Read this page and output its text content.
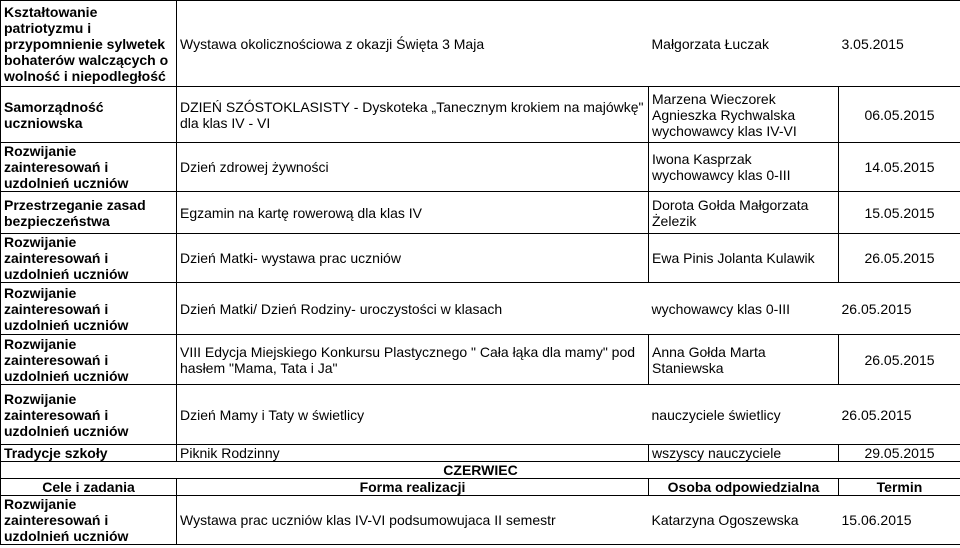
Kształtowanie patriotyzmu i przypomnienie sylwetek bohaterów walczących o wolność i niepodległość	Wystawa okolicznościowa z okazji Święta 3 Maja	Małgorzata Łuczak	3.05.2015
Samorządność uczniowska	DZIEŃ SZÓSTOKLASISTY - Dyskoteka „Tanecznym krokiem na majówkę" dla klas IV - VI	Marzena Wieczorek Agnieszka Rychwalska wychowawcy klas IV-VI	06.05.2015
Rozwijanie zainteresowań i uzdolnień uczniów	Dzień zdrowej żywności	Iwona Kasprzak wychowawcy klas 0-III	14.05.2015
Przestrzeganie zasad bezpieczeństwa	Egzamin na kartę rowerową dla klas IV	Dorota Gołda Małgorzata Żelezik	15.05.2015
Rozwijanie zainteresowań i uzdolnień uczniów	Dzień Matki- wystawa prac uczniów	Ewa Pinis Jolanta Kulawik	26.05.2015
Rozwijanie zainteresowań i uzdolnień uczniów	Dzień Matki/ Dzień Rodziny- uroczystości w klasach	wychowawcy klas 0-III	26.05.2015
Rozwijanie zainteresowań i uzdolnień uczniów	VIII Edycja Miejskiego Konkursu Plastycznego " Cała łąka dla mamy" pod hasłem "Mama, Tata i Ja"	Anna Gołda Marta Staniewska	26.05.2015
Rozwijanie zainteresowań i uzdolnień uczniów	Dzień Mamy i Taty w świetlicy	nauczyciele świetlicy	26.05.2015
Tradycje szkoły	Piknik Rodzinny	wszyscy nauczyciele	29.05.2015
CZERWIEC			
Cele i zadania	Forma realizacji	Osoba odpowiedzialna	Termin
Rozwijanie zainteresowań i uzdolnień uczniów	Wystawa prac uczniów klas IV-VI podsumowujaca II semestr	Katarzyna Ogoszewska	15.06.2015
